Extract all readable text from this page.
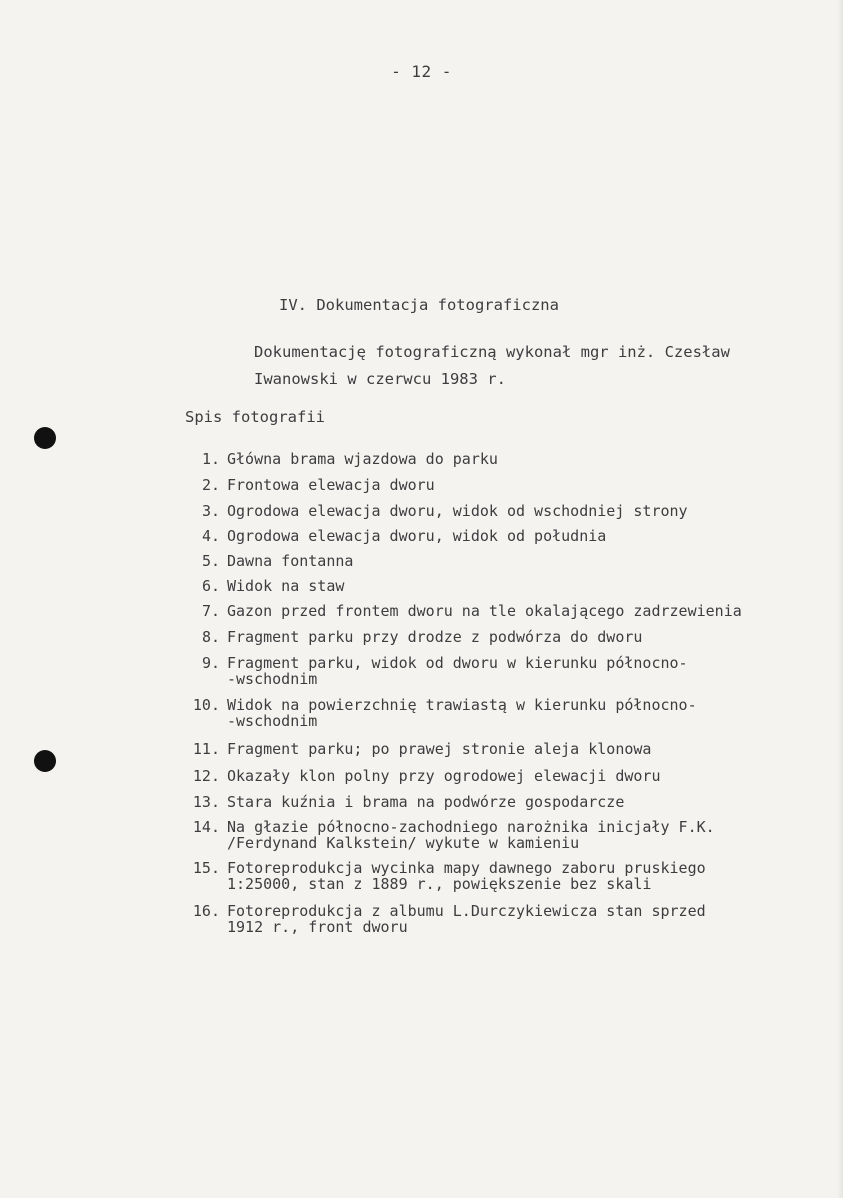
- 12 -
IV. Dokumentacja fotograficzna
Dokumentację fotograficzną wykonał mgr inż. Czesław
Iwanowski w czerwcu 1983 r.
Spis fotografii
1. Główna brama wjazdowa do parku
2. Frontowa elewacja dworu
3. Ogrodowa elewacja dworu, widok od wschodniej strony
4. Ogrodowa elewacja dworu, widok od południa
5. Dawna fontanna
6. Widok na staw
7. Gazon przed frontem dworu na tle okalającego zadrzewienia
8. Fragment parku przy drodze z podwórza do dworu
9. Fragment parku, widok od dworu w kierunku północno-
-wschodnim
10. Widok na powierzchnię trawiastą w kierunku północno-
-wschodnim
11. Fragment parku; po prawej stronie aleja klonowa
12. Okazały klon polny przy ogrodowej elewacji dworu
13. Stara kuźnia i brama na podwórze gospodarcze
14. Na głazie północno-zachodniego narożnika inicjały F.K.
/Ferdynand Kalkstein/ wykute w kamieniu
15. Fotoreprodukcja wycinka mapy dawnego zaboru pruskiego
1:25000, stan z 1889 r., powiększenie bez skali
16. Fotoreprodukcja z albumu L.Durczykiewicza stan sprzed
1912 r., front dworu
